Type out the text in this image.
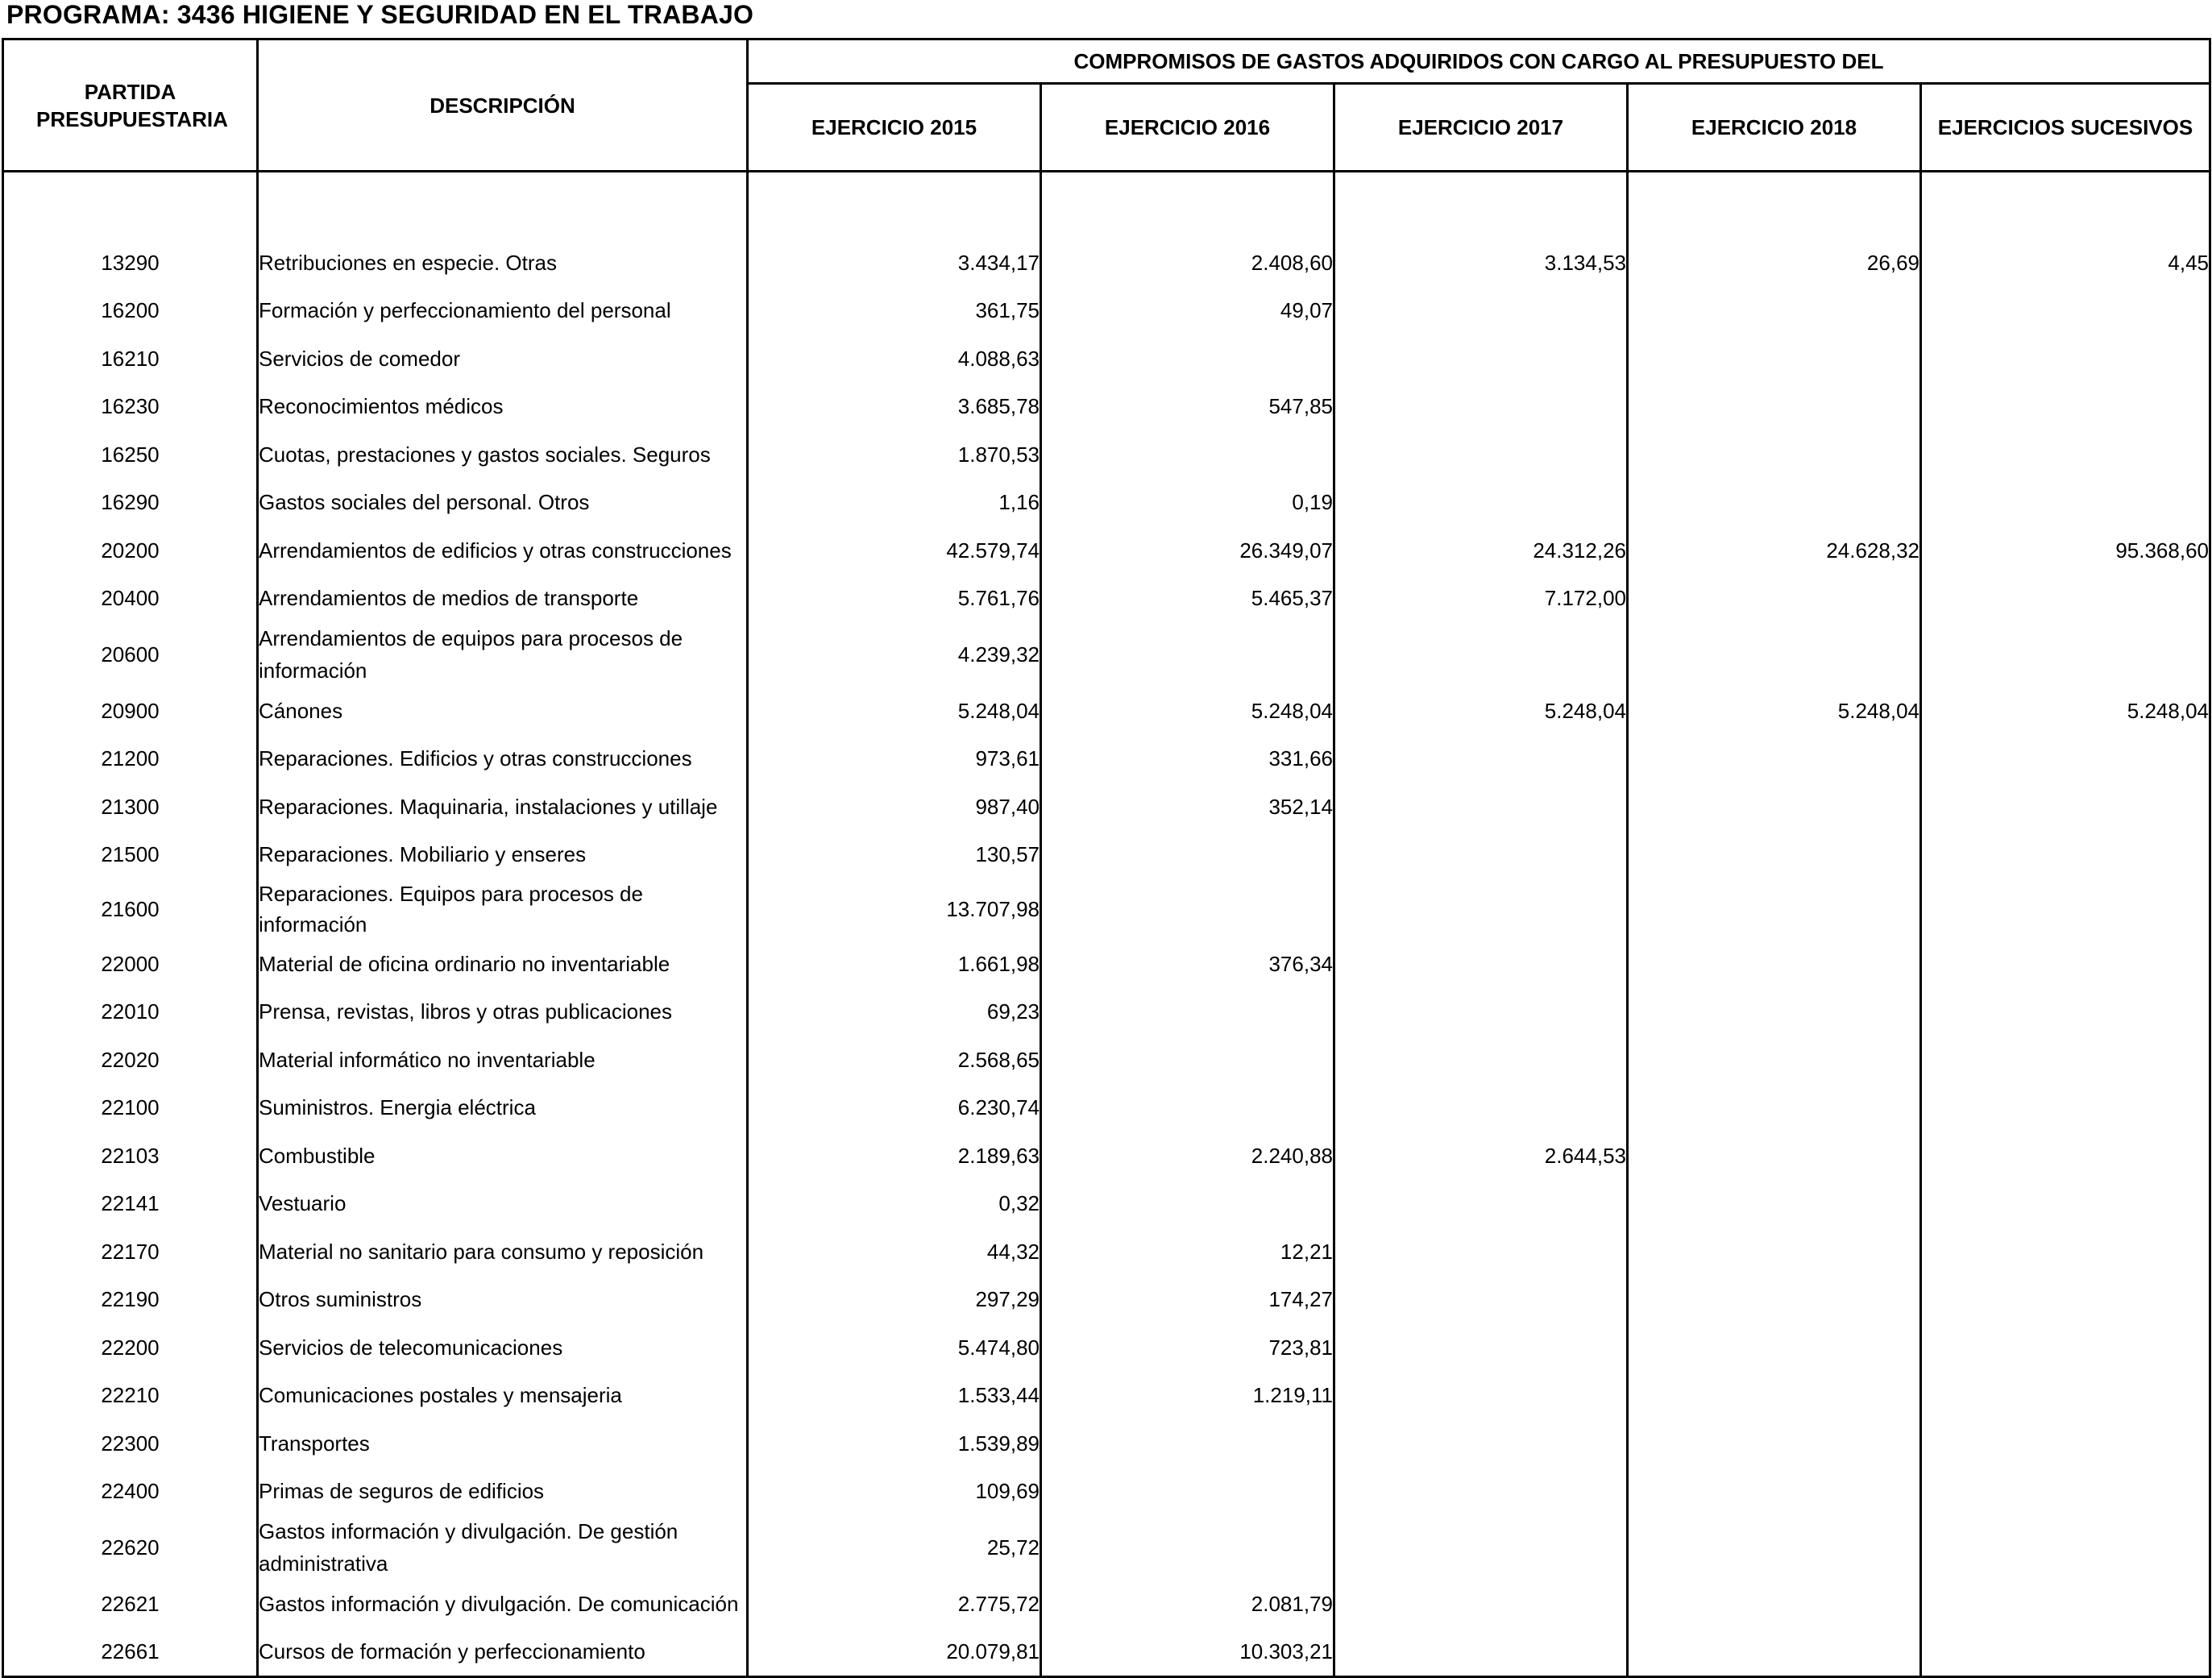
PROGRAMA: 3436 HIGIENE Y SEGURIDAD EN EL TRABAJO
PARTIDA PRESUPUESTARIA	DESCRIPCIÓN	COMPROMISOS DE GASTOS ADQUIRIDOS CON CARGO AL PRESUPUESTO DEL				
		EJERCICIO 2015	EJERCICIO 2016	EJERCICIO 2017	EJERCICIO 2018	EJERCICIOS SUCESIVOS

13290	Retribuciones en especie. Otras	3.434,17	2.408,60	3.134,53	26,69	4,45
16200	Formación y perfeccionamiento del personal	361,75	49,07			
16210	Servicios de comedor	4.088,63				
16230	Reconocimientos médicos	3.685,78	547,85			
16250	Cuotas, prestaciones y gastos sociales. Seguros	1.870,53				
16290	Gastos sociales del personal. Otros	1,16	0,19			
20200	Arrendamientos de edificios y otras construcciones	42.579,74	26.349,07	24.312,26	24.628,32	95.368,60
20400	Arrendamientos de medios de transporte	5.761,76	5.465,37	7.172,00		
20600	Arrendamientos de equipos para procesos de información	4.239,32				
20900	Cánones	5.248,04	5.248,04	5.248,04	5.248,04	5.248,04
21200	Reparaciones. Edificios y otras construcciones	973,61	331,66			
21300	Reparaciones. Maquinaria, instalaciones y utillaje	987,40	352,14			
21500	Reparaciones. Mobiliario y enseres	130,57				
21600	Reparaciones. Equipos para procesos de información	13.707,98				
22000	Material de oficina ordinario no inventariable	1.661,98	376,34			
22010	Prensa, revistas, libros y otras publicaciones	69,23				
22020	Material informático no inventariable	2.568,65				
22100	Suministros. Energia eléctrica	6.230,74				
22103	Combustible	2.189,63	2.240,88	2.644,53		
22141	Vestuario	0,32				
22170	Material no sanitario para consumo y reposición	44,32	12,21			
22190	Otros suministros	297,29	174,27			
22200	Servicios de telecomunicaciones	5.474,80	723,81			
22210	Comunicaciones postales y mensajeria	1.533,44	1.219,11			
22300	Transportes	1.539,89				
22400	Primas de seguros de edificios	109,69				
22620	Gastos información y divulgación. De gestión administrativa	25,72				
22621	Gastos información y divulgación. De comunicación	2.775,72	2.081,79			
22661	Cursos de formación y perfeccionamiento	20.079,81	10.303,21			
